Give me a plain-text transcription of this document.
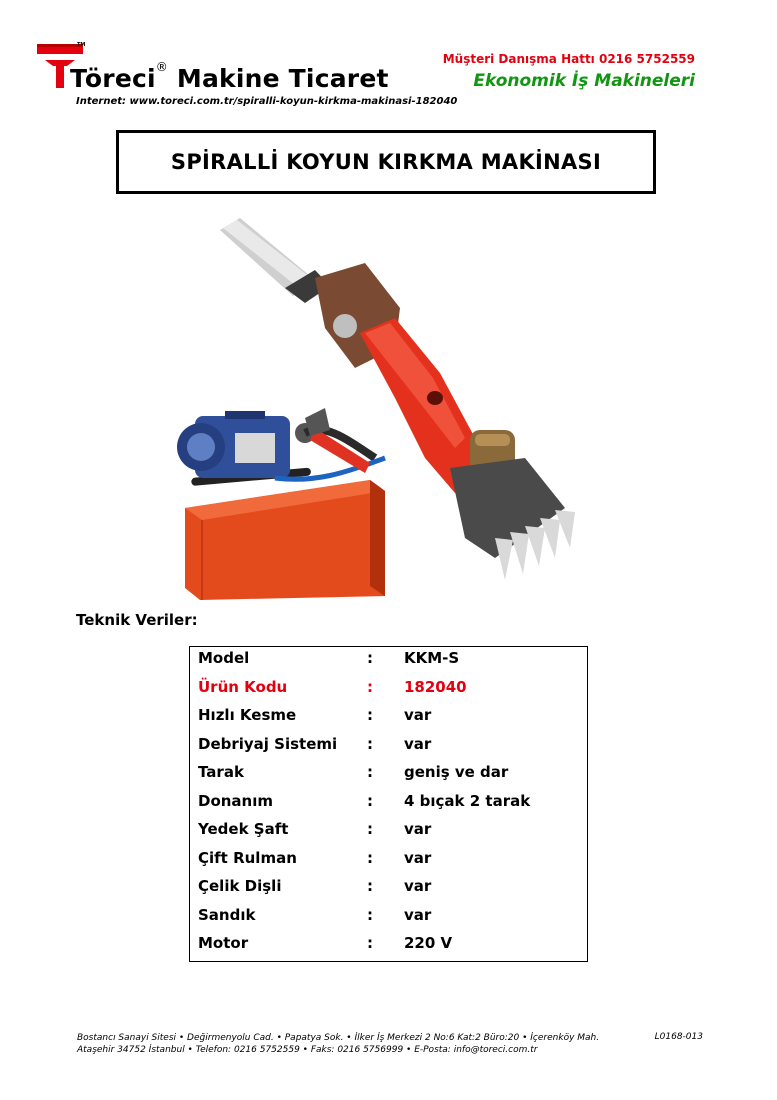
TM
Töreci® Makine Ticaret
Internet: www.toreci.com.tr/spiralli-koyun-kirkma-makinasi-182040
Müşteri Danışma Hattı 0216 5752559
Ekonomik İş Makineleri
SPİRALLİ KOYUN KIRKMA MAKİNASI
Teknik Veriler:
Model	: KKM-S
Ürün Kodu	: 182040
Hızlı Kesme	: var
Debriyaj Sistemi : var
Tarak	: geniş ve dar
Donanım	: 4 bıçak 2 tarak
Yedek Şaft	: var
Çift Rulman	: var
Çelik Dişli	: var
Sandık	: var
Motor	: 220 V
Bostancı Sanayi Sitesi • Değirmenyolu Cad. • Papatya Sok. • İlker İş Merkezi 2 No:6 Kat:2 Büro:20 • İçerenköy Mah.
Ataşehir 34752 İstanbul • Telefon: 0216 5752559 • Faks: 0216 5756999 • E-Posta: info@toreci.com.tr
L0168-013
